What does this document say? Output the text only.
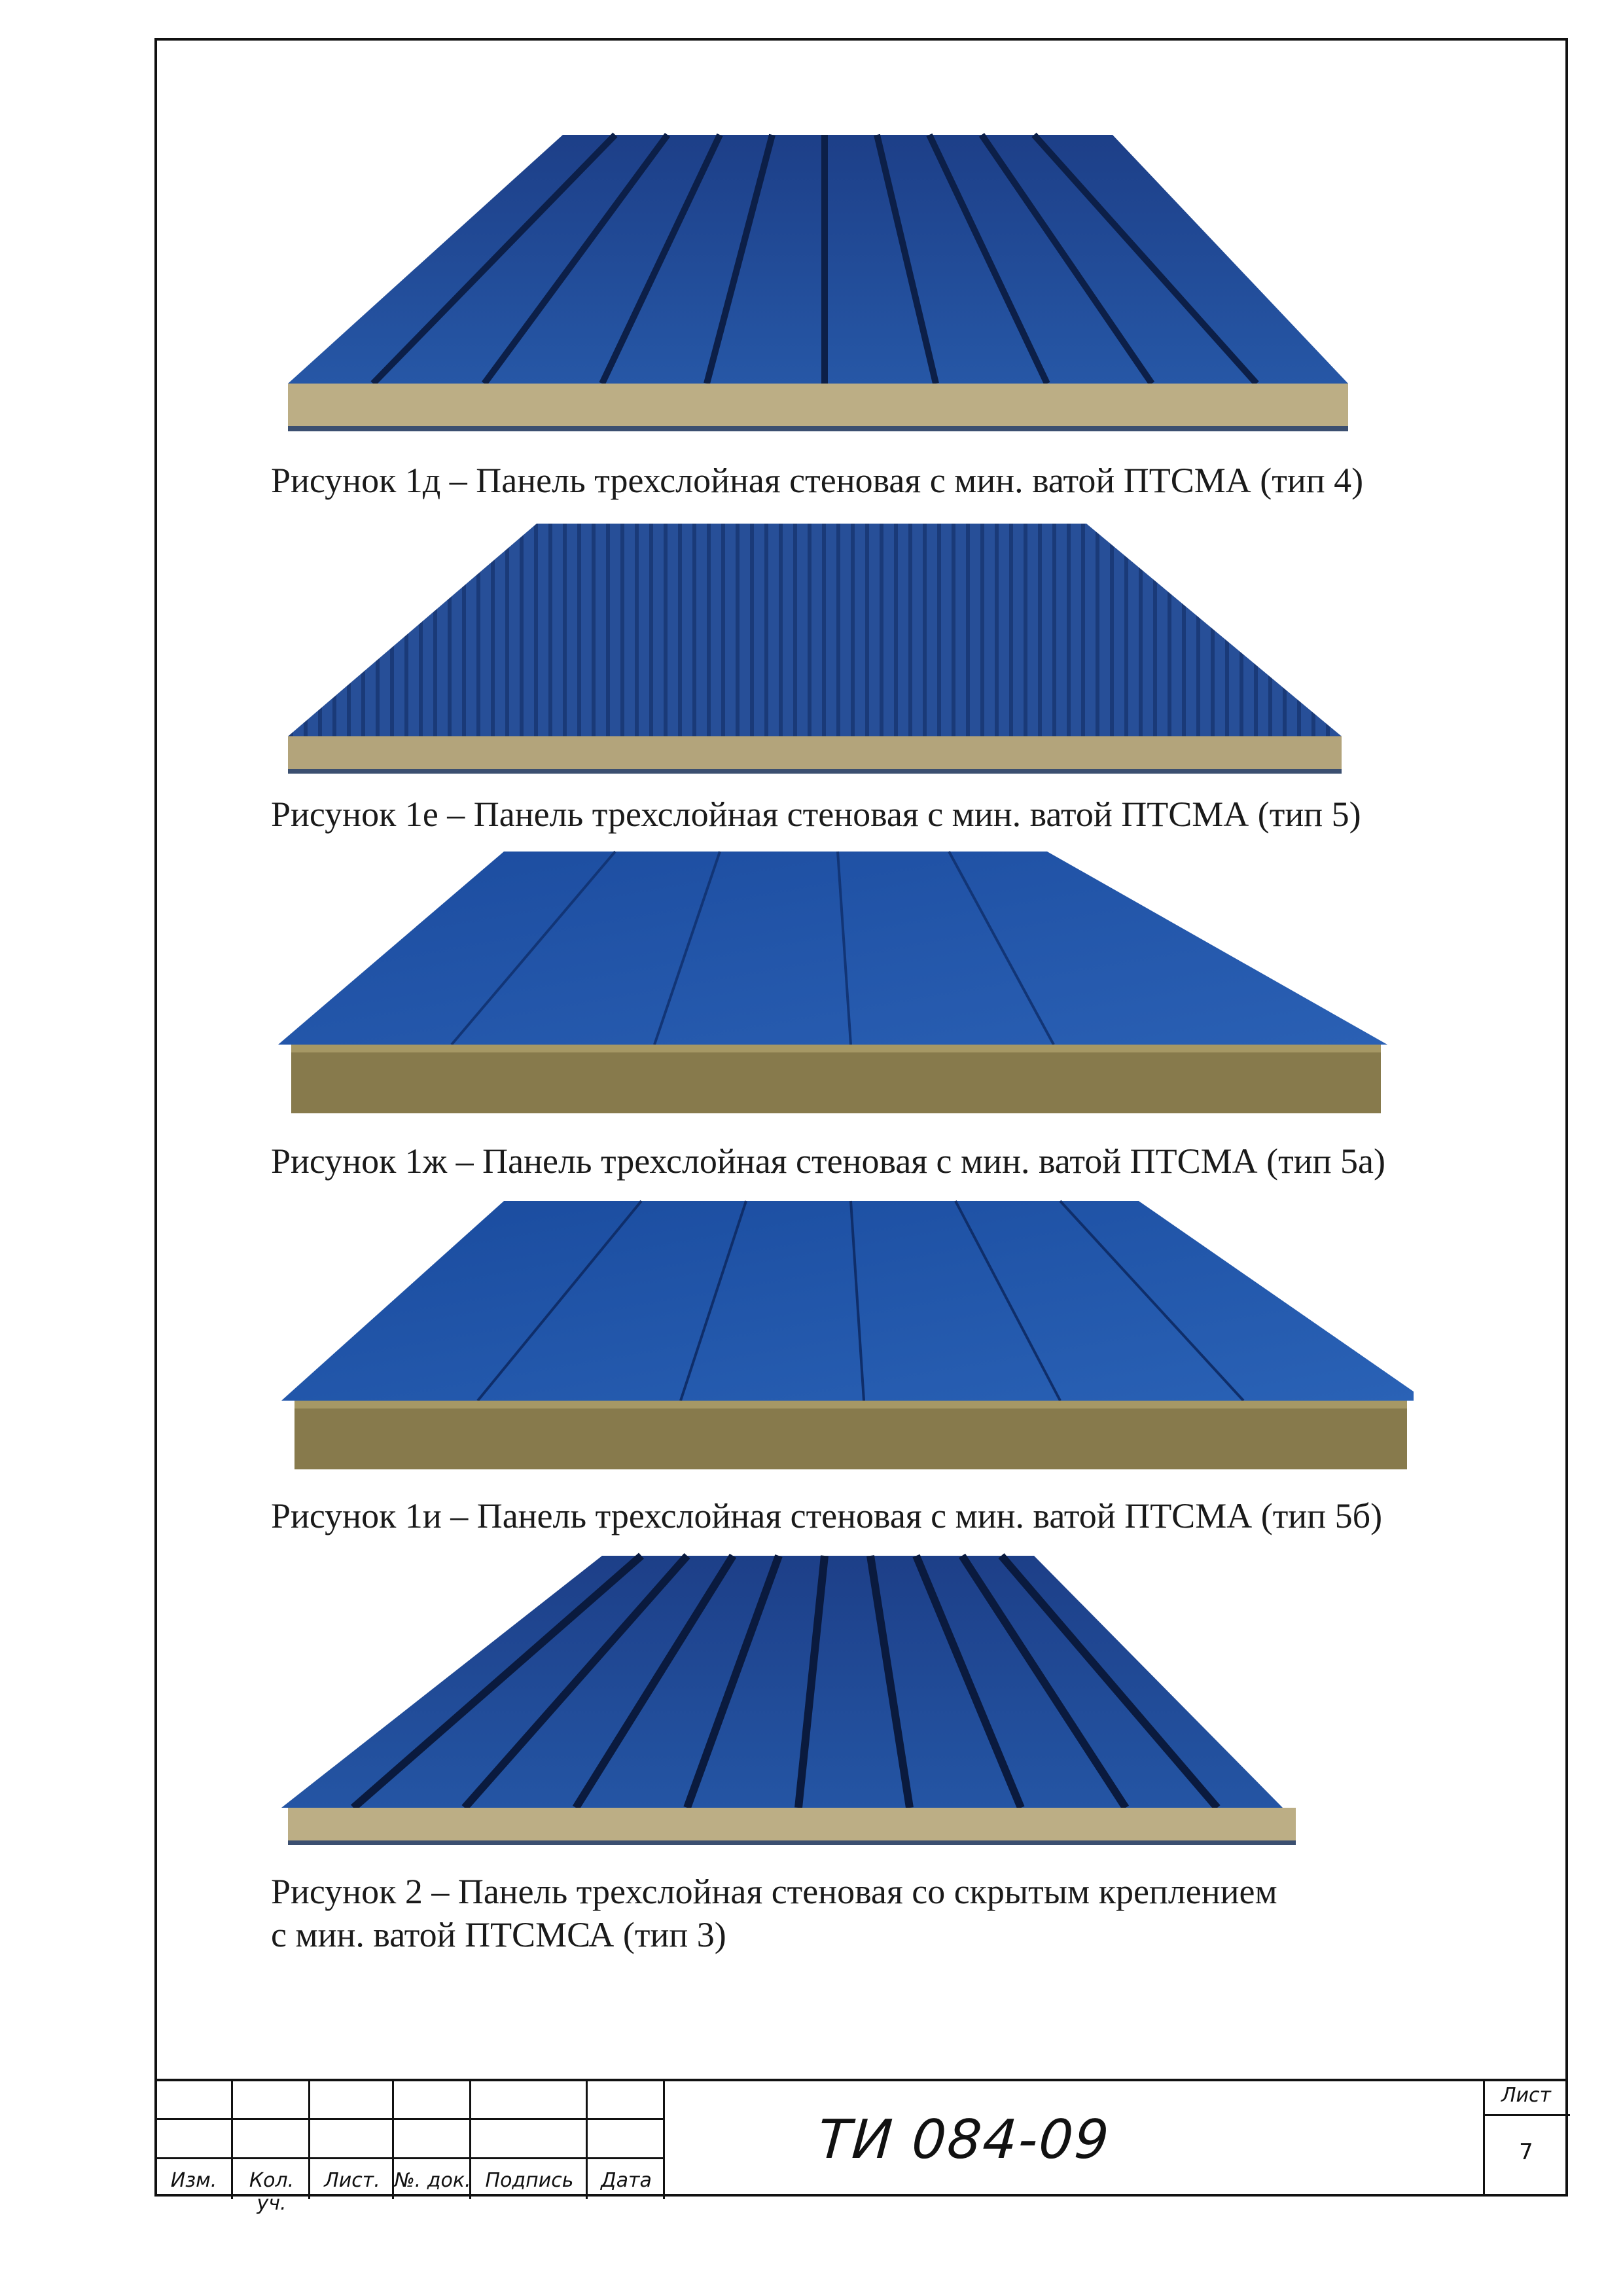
Рисунок 1д – Панель трехслойная стеновая с мин. ватой ПТСМА (тип 4)
Рисунок 1е – Панель трехслойная стеновая с мин. ватой ПТСМА (тип 5)
Рисунок 1ж – Панель трехслойная стеновая с мин. ватой ПТСМА (тип 5а)
Рисунок 1и – Панель трехслойная стеновая с мин. ватой ПТСМА (тип 5б)
Рисунок 2 – Панель трехслойная стеновая со скрытым креплением
с мин. ватой ПТСМСА (тип 3)
Изм.	Кол. уч.
Лист. №. док. Подпись	Дата
ТИ 084-09
Лист
7
